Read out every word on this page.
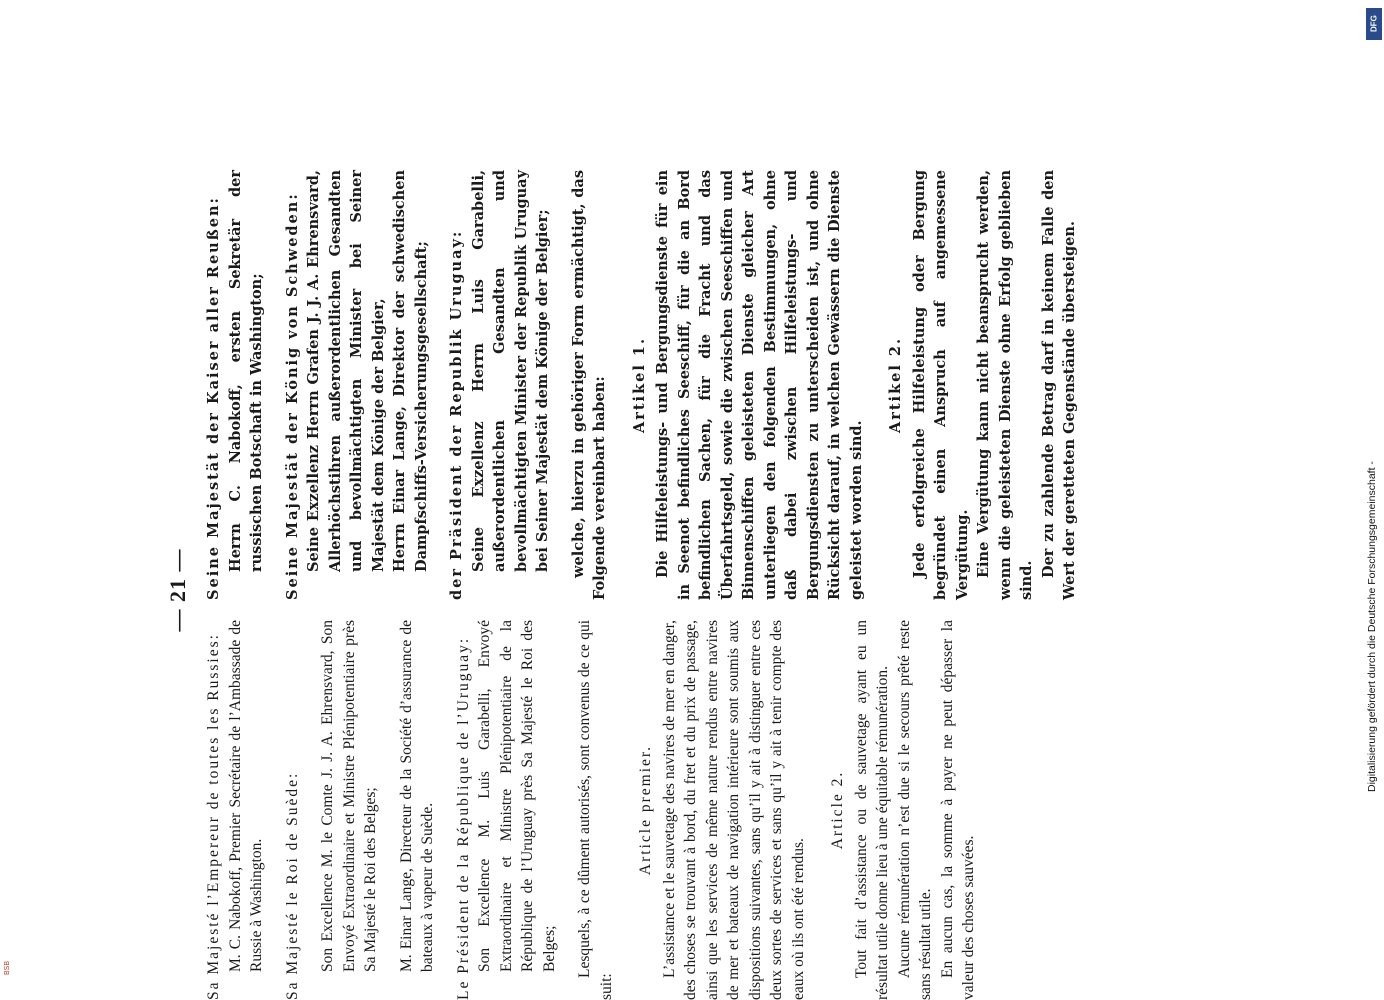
— 21 —

Sa Majesté l’Empereur de toutes les Russies: M. C. Nabokoff, Premier Secrétaire de l’Ambassade de Russie à Washington. Sa Majesté le Roi de Suède: Son Excellence M. le Comte J. J. A. Ehrensvard, Son Envoyé Extraordinaire et Ministre Plénipotentiaire près Sa Majesté le Roi des Belges; M. Einar Lange, Directeur de la Société d’assurance de bateaux à vapeur de Suède. Le Président de la République de l’Uruguay: Son Excellence M. Luis Garabelli, Envoyé Extraordinaire et Ministre Plénipotentiaire de la République de l’Uruguay près Sa Majesté le Roi des Belges; Lesquels, à ce dûment autorisés, sont convenus de ce qui suit:

Article premier. L’assistance et le sauvetage des navires de mer en danger, des choses se trouvant à bord, du fret et du prix de passage, ainsi que les services de même nature rendus entre navires de mer et bateaux de navigation intérieure sont soumis aux dispositions suivantes, sans qu’il y ait à distinguer entre ces deux sortes de services et sans qu’il y ait à tenir compte des eaux où ils ont été rendus.

Article 2. Tout fait d’assistance ou de sauvetage ayant eu un résultat utile donne lieu à une équitable rémunération. Aucune rémunération n’est due si le secours prêté reste sans résultat utile. En aucun cas, la somme à payer ne peut dépasser la valeur des choses sauvées.

Seine Majestät der Kaiser aller Reußen: Herrn C. Nabokoff, ersten Sekretär der russischen Botschaft in Washington; Seine Majestät der König von Schweden: Seine Exzellenz Herrn Grafen J. J. A. Ehrensvard, Allerhöchstihren außerordentlichen Gesandten und bevollmächtigten Minister bei Seiner Majestät dem Könige der Belgier, Herrn Einar Lange, Direktor der schwedischen Dampfschiffs-Versicherungsgesellschaft; der Präsident der Republik Uruguay: Seine Exzellenz Herrn Luis Garabelli, außerordentlichen Gesandten und bevollmächtigten Minister der Republik Uruguay bei Seiner Majestät dem Könige der Belgier; welche, hierzu in gehöriger Form ermächtigt, das Folgende vereinbart haben: Artikel 1. Die Hilfeleistungs- und Bergungsdienste für ein in Seenot befindliches Seeschiff, für die an Bord befindlichen Sachen, für die Fracht und das Überfahrtsgeld, sowie die zwischen Seeschiffen und Binnenschiffen geleisteten Dienste gleicher Art unterliegen den folgenden Bestimmungen, ohne daß dabei zwischen Hilfeleistungs- und Bergungsdiensten zu unterscheiden ist, und ohne Rücksicht darauf, in welchen Gewässern die Dienste geleistet worden sind.

Artikel 2. Jede erfolgreiche Hilfeleistung oder Bergung begründet einen Anspruch auf angemessene Vergütung. Eine Vergütung kann nicht beansprucht werden, wenn die geleisteten Dienste ohne Erfolg geblieben sind.

Der zu zahlende Betrag darf in keinem Falle den Wert der geretteten Gegenstände übersteigen.

Digitalisierung gefördert durch die Deutsche Forschungsgemeinschaft -
DFG
BSB
